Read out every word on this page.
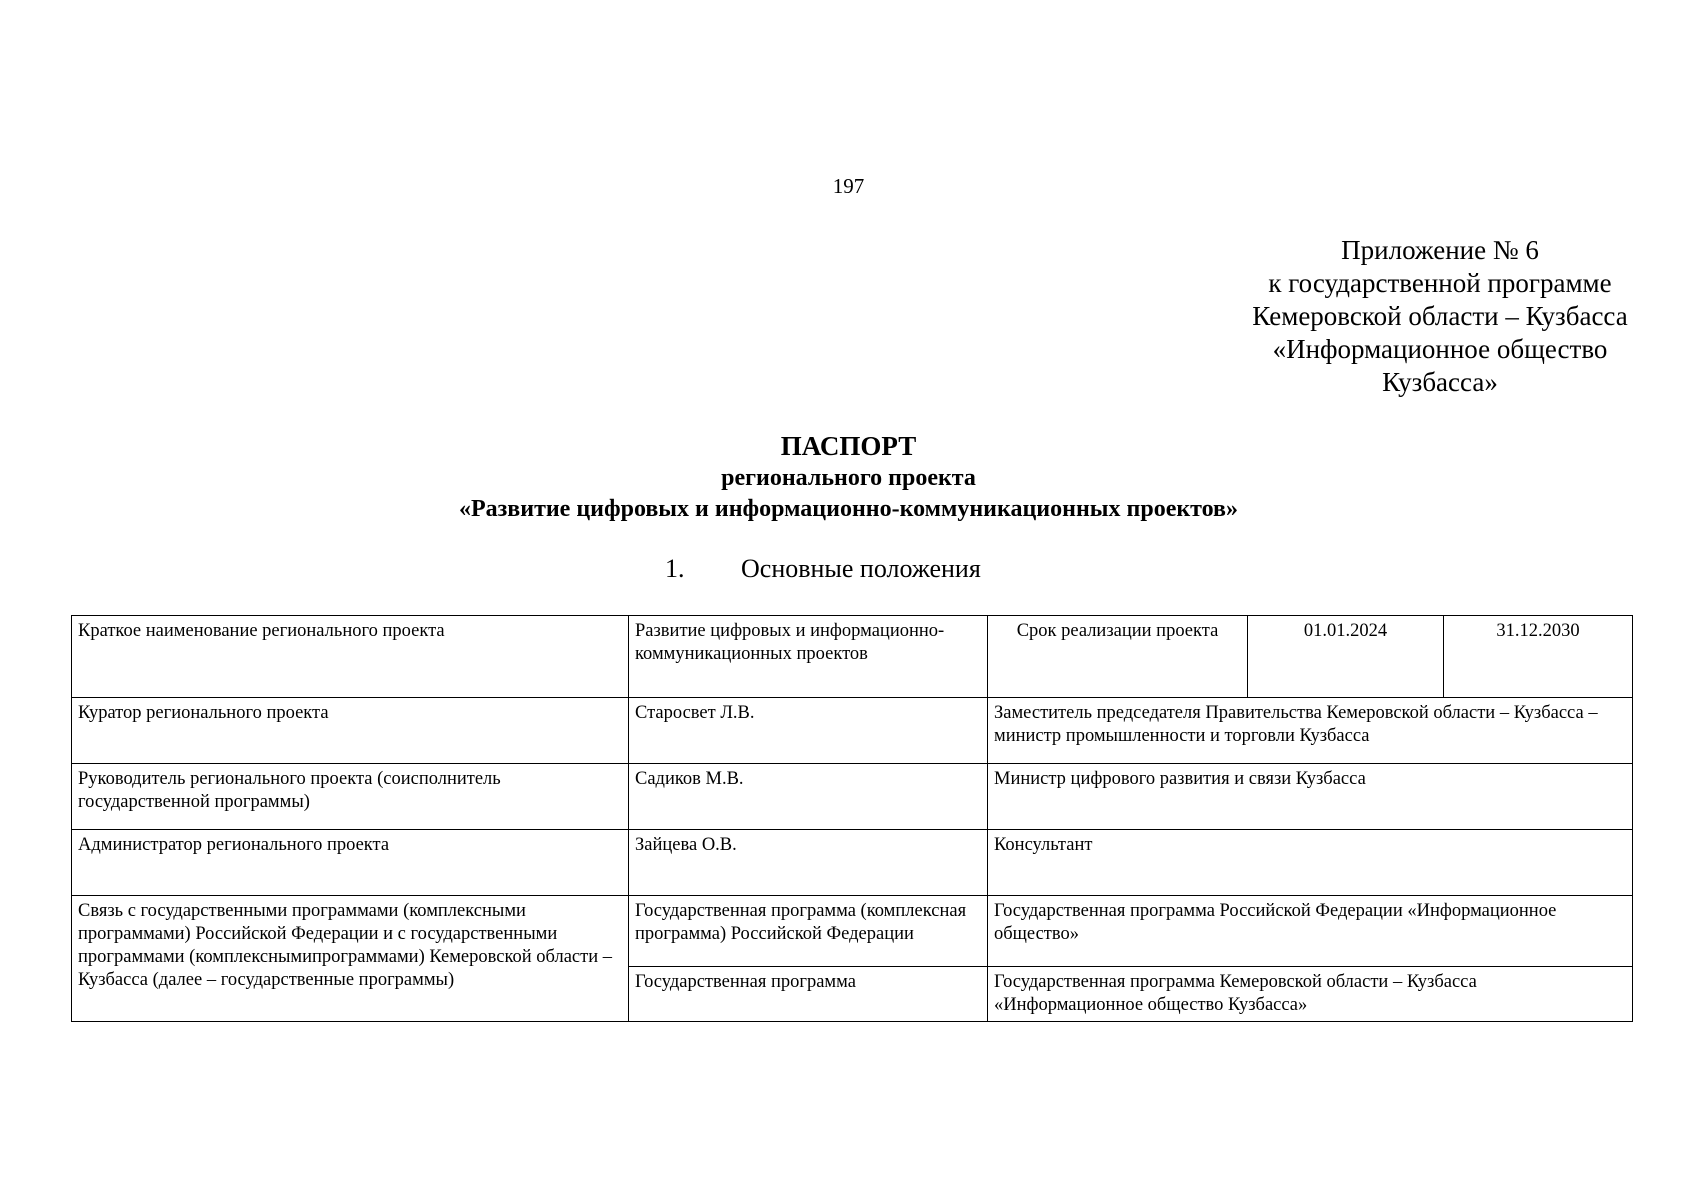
197
Приложение № 6
к государственной программе
Кемеровской области – Кузбасса
«Информационное общество
Кузбасса»
ПАСПОРТ
регионального проекта
«Развитие цифровых и информационно-коммуникационных проектов»
1. Основные положения
Краткое наименование регионального проекта	Развитие цифровых и информационно-коммуникационных проектов	Срок реализации проекта	01.01.2024	31.12.2030
Куратор регионального проекта	Старосвет Л.В.	Заместитель председателя Правительства Кемеровской области – Кузбасса – министр промышленности и торговли Кузбасса		
Руководитель регионального проекта (соисполнитель государственной программы)	Садиков М.В.	Министр цифрового развития и связи Кузбасса		
Администратор регионального проекта	Зайцева О.В.	Консультант		
Связь с государственными программами (комплексными программами) Российской Федерации и с государственными программами (комплекснымипрограммами) Кемеровской области – Кузбасса (далее – государственные программы)	Государственная программа (комплексная программа) Российской Федерации	Государственная программа Российской Федерации «Информационное общество»		
	Государственная программа	Государственная программа Кемеровской области – Кузбасса «Информационное общество Кузбасса»		
